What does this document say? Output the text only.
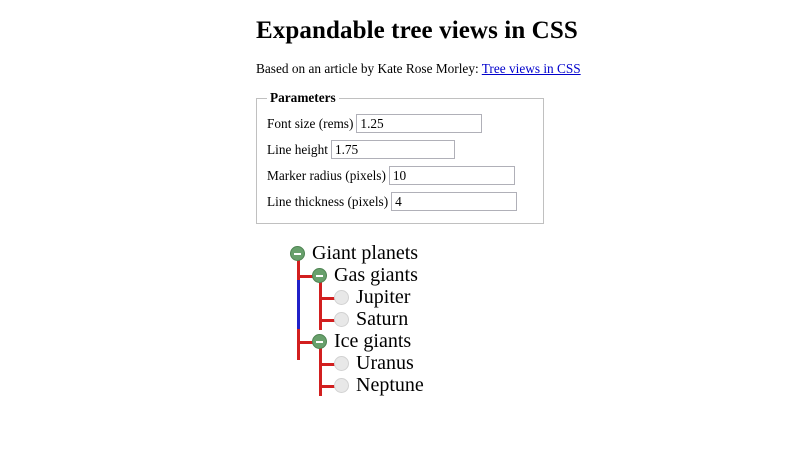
Expandable tree views in CSS
Based on an article by Kate Rose Morley: Tree views in CSS
Parameters
Font size (rems)
1.25
Line height
1.75
Marker radius (pixels)
10
Line thickness (pixels)
4
Giant planets
Gas giants
Jupiter
Saturn
Ice giants
Uranus
Neptune
